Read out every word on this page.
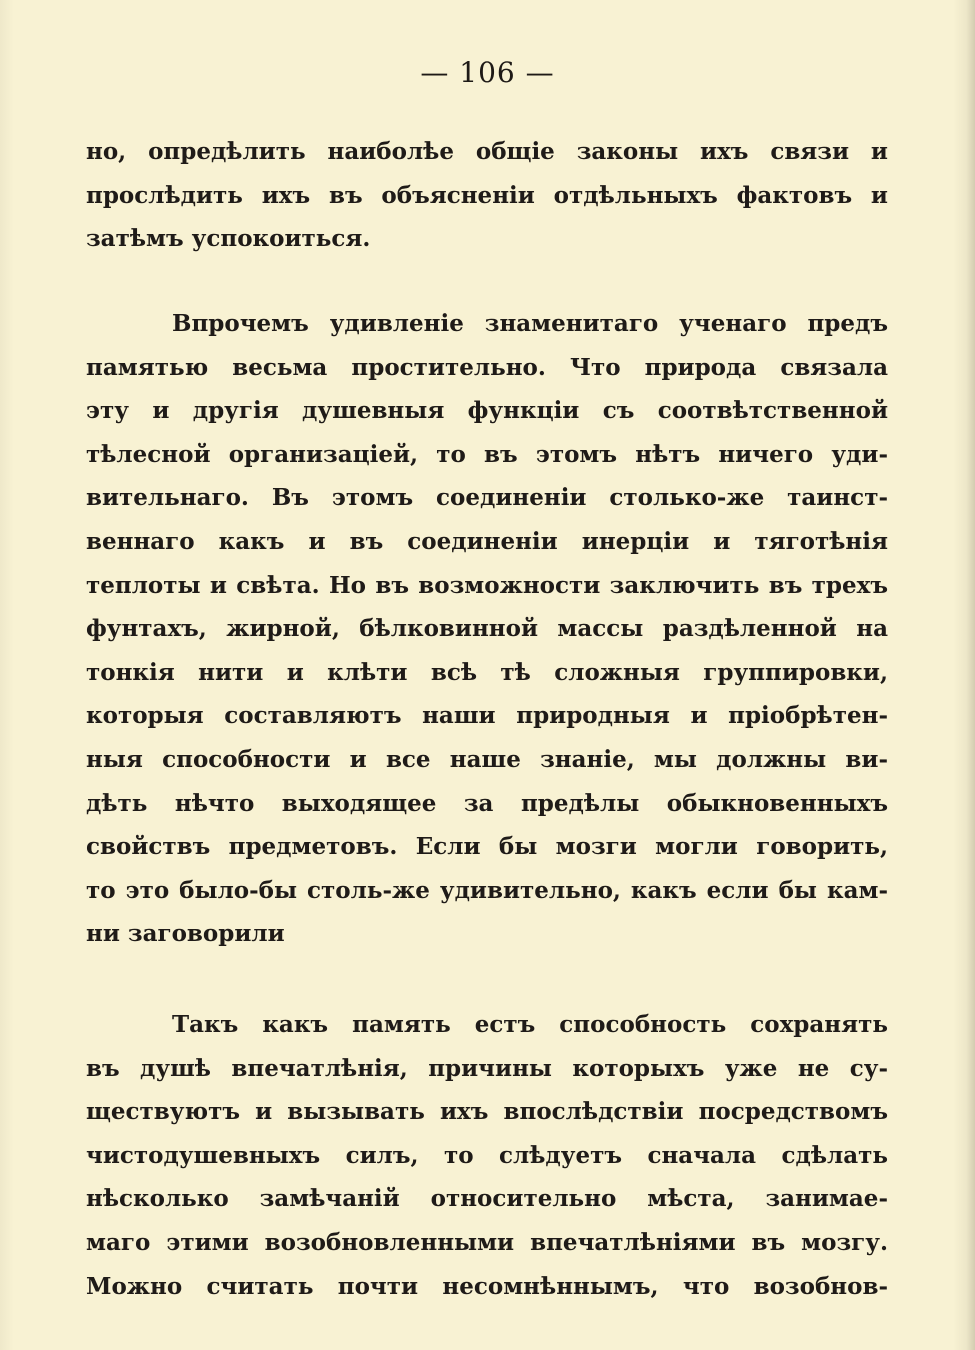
— 106 —
но, опредѣлить наиболѣе общіе законы ихъ связи и
прослѣдить ихъ въ объясненіи отдѣльныхъ фактовъ и
затѣмъ успокоиться.
Впрочемъ удивленіе знаменитаго ученаго предъ
памятью весьма простительно. Что природа связала
эту и другія душевныя функціи съ соотвѣтственной
тѣлесной организаціей, то въ этомъ нѣтъ ничего уди-
вительнаго. Въ этомъ соединеніи столько-же таинст-
веннаго какъ и въ соединеніи инерціи и тяготѣнія
теплоты и свѣта. Но въ возможности заключить въ трехъ
фунтахъ, жирной, бѣлковинной массы раздѣленной на
тонкія нити и клѣти всѣ тѣ сложныя группировки,
которыя составляютъ наши природныя и пріобрѣтен-
ныя способности и все наше знаніе, мы должны ви-
дѣть нѣчто выходящее за предѣлы обыкновенныхъ
свойствъ предметовъ. Если бы мозги могли говорить,
то это было-бы столь-же удивительно, какъ если бы кам-
ни заговорили
Такъ какъ память естъ способность сохранять
въ душѣ впечатлѣнія, причины которыхъ уже не су-
ществуютъ и вызывать ихъ впослѣдствіи посредствомъ
чистодушевныхъ силъ, то слѣдуетъ сначала сдѣлать
нѣсколько замѣчаній относительно мѣста, занимае-
маго этими возобновленными впечатлѣніями въ мозгу.
Можно считать почти несомнѣннымъ, что возобнов-
